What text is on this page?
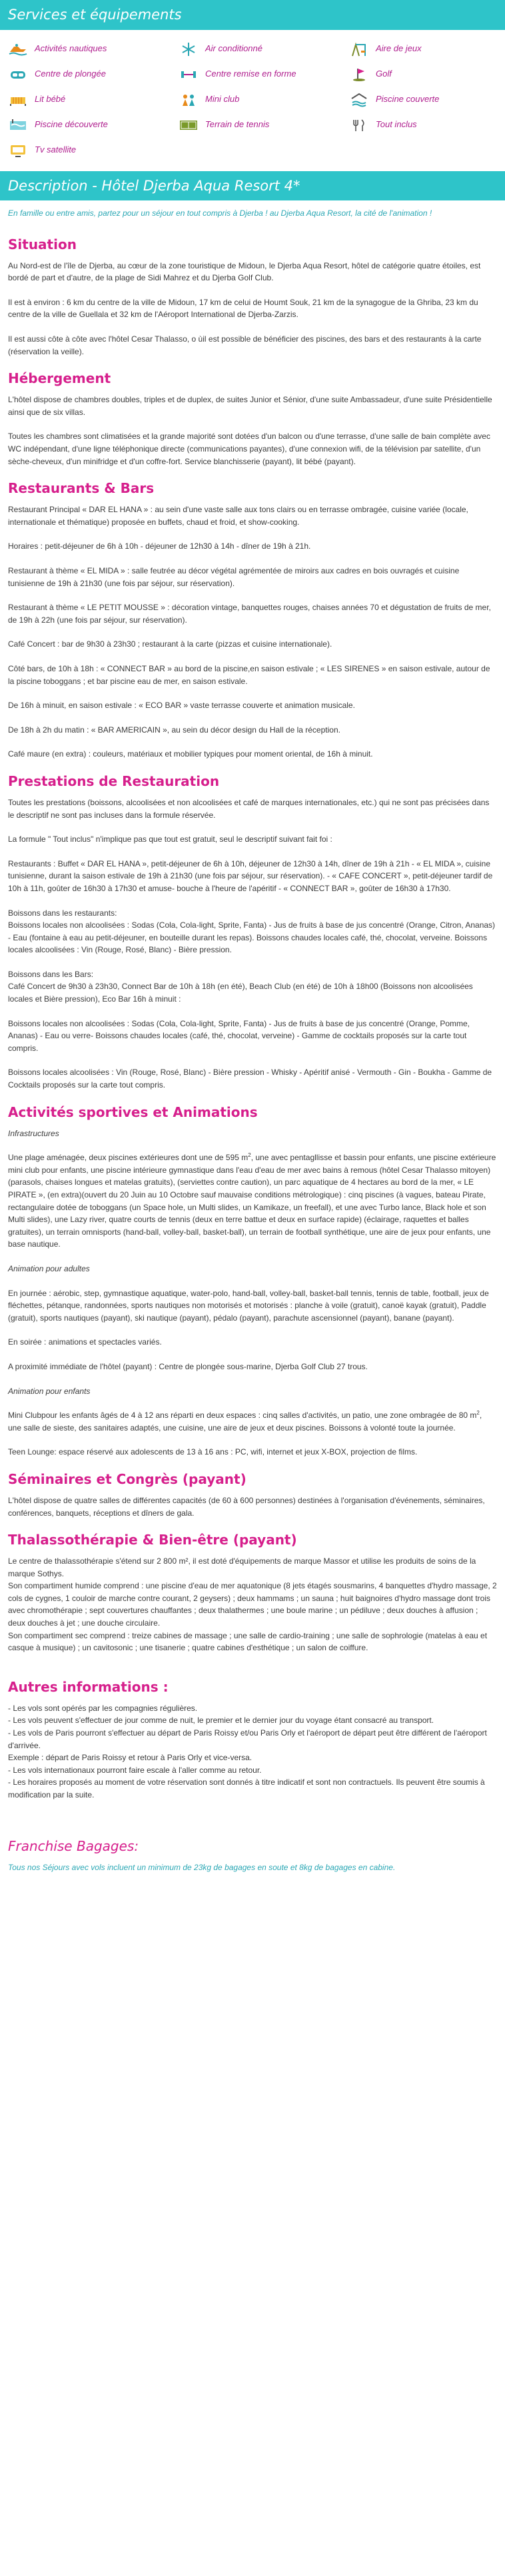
Services et équipements
Activités nautiques	Air conditionné	Aire de jeux
Centre de plongée	Centre remise en forme	Golf
Lit bébé	Mini club	Piscine couverte
Piscine découverte	Terrain de tennis	Tout inclus
Tv satellite
Description - Hôtel Djerba Aqua Resort 4*

En famille ou entre amis, partez pour un séjour en tout compris à Djerba ! au Djerba Aqua Resort, la cité de l'animation !

Situation

Au Nord-est de l'île de Djerba, au cœur de la zone touristique de Midoun, le Djerba Aqua Resort, hôtel de catégorie quatre étoiles, est bordé de part et d'autre, de la plage de Sidi Mahrez et du Djerba Golf Club.

Il est à environ : 6 km du centre de la ville de Midoun, 17 km de celui de Houmt Souk, 21 km de la synagogue de la Ghriba, 23 km du centre de la ville de Guellala et 32 km de l'Aéroport International de Djerba-Zarzis.

Il est aussi côte à côte avec l'hôtel Cesar Thalasso, o ùil est possible de bénéficier des piscines, des bars et des restaurants à la carte (réservation la veille).

Hébergement

L'hôtel dispose de chambres doubles, triples et de duplex, de suites Junior et Sénior, d'une suite Ambassadeur, d'une suite Présidentielle ainsi que de six villas.

Toutes les chambres sont climatisées et la grande majorité sont dotées d'un balcon ou d'une terrasse, d'une salle de bain complète avec WC indépendant, d'une ligne téléphonique directe (communications payantes), d'une connexion wifi, de la télévision par satellite, d'un sèche-cheveux, d'un minifridge et d'un coffre-fort. Service blanchisserie (payant), lit bébé (payant).

Restaurants & Bars

Restaurant Principal « DAR EL HANA » : au sein d'une vaste salle aux tons clairs ou en terrasse ombragée, cuisine variée (locale, internationale et thématique) proposée en buffets, chaud et froid, et show-cooking.

Horaires : petit-déjeuner de 6h à 10h - déjeuner de 12h30 à 14h - dîner de 19h à 21h.

Restaurant à thème « EL MIDA » : salle feutrée au décor végétal agrémentée de miroirs aux cadres en bois ouvragés et cuisine tunisienne de 19h à 21h30 (une fois par séjour, sur réservation).

Restaurant à thème « LE PETIT MOUSSE » : décoration vintage, banquettes rouges, chaises années 70 et dégustation de fruits de mer, de 19h à 22h (une fois par séjour, sur réservation).

Café Concert : bar de 9h30 à 23h30 ; restaurant à la carte (pizzas et cuisine internationale).

Côté bars, de 10h à 18h : « CONNECT BAR » au bord de la piscine,en saison estivale ; « LES SIRENES » en saison estivale, autour de la piscine toboggans ; et bar piscine eau de mer, en saison estivale.

De 16h à minuit, en saison estivale : « ECO BAR » vaste terrasse couverte et animation musicale.

De 18h à 2h du matin : « BAR AMERICAIN », au sein du décor design du Hall de la réception.

Café maure (en extra) : couleurs, matériaux et mobilier typiques pour moment oriental, de 16h à minuit.

Prestations de Restauration

Toutes les prestations (boissons, alcoolisées et non alcoolisées et café de marques internationales, etc.) qui ne sont pas précisées dans le descriptif ne sont pas incluses dans la formule réservée.

La formule " Tout inclus" n'implique pas que tout est gratuit, seul le descriptif suivant fait foi :

Restaurants : Buffet « DAR EL HANA », petit-déjeuner de 6h à 10h, déjeuner de 12h30 à 14h, dîner de 19h à 21h - « EL MIDA », cuisine tunisienne, durant la saison estivale de 19h à 21h30 (une fois par séjour, sur réservation). - « CAFE CONCERT », petit-déjeuner tardif de 10h à 11h, goûter de 16h30 à 17h30 et amuse- bouche à l'heure de l'apéritif - « CONNECT BAR », goûter de 16h30 à 17h30.

Boissons dans les restaurants:

Boissons locales non alcoolisées : Sodas (Cola, Cola-light, Sprite, Fanta) - Jus de fruits à base de jus concentré (Orange, Citron, Ananas) - Eau (fontaine à eau au petit-déjeuner, en bouteille durant les repas). Boissons chaudes locales café, thé, chocolat, verveine. Boissons locales alcoolisées : Vin (Rouge, Rosé, Blanc) - Bière pression.

Boissons dans les Bars:

Café Concert de 9h30 à 23h30, Connect Bar de 10h à 18h (en été), Beach Club (en été) de 10h à 18h00 (Boissons non alcoolisées locales et Bière pression), Eco Bar 16h à minuit :

Boissons locales non alcoolisées : Sodas (Cola, Cola-light, Sprite, Fanta) - Jus de fruits à base de jus concentré (Orange, Pomme, Ananas) - Eau ou verre- Boissons chaudes locales (café, thé, chocolat, verveine) - Gamme de cocktails proposés sur la carte tout compris.

Boissons locales alcoolisées : Vin (Rouge, Rosé, Blanc) - Bière pression - Whisky - Apéritif anisé - Vermouth - Gin - Boukha - Gamme de Cocktails proposés sur la carte tout compris.

Activités sportives et Animations

Infrastructures

Une plage aménagée, deux piscines extérieures dont une de 595 $m^2$, une avec pentagllisse et bassin pour enfants, une piscine extérieure mini club pour enfants, une piscine intérieure gymnastique dans l'eau d'eau de mer avec bains à remous (hôtel Cesar Thalasso mitoyen) (parasols, chaises longues et matelas gratuits), (serviettes contre caution), un parc aquatique de 4 hectares au bord de la mer, « LE PIRATE », (en extra)(ouvert du 20 Juin au 10 Octobre sauf mauvaise conditions métrologique) : cinq piscines (à vagues, bateau Pirate, rectangulaire dotée de toboggans (un Space hole, un Multi slides, un Kamikaze, un freefall), et une avec Turbo lance, Black hole et son Multi slides), une Lazy river, quatre courts de tennis (deux en terre battue et deux en surface rapide) (éclairage, raquettes et balles gratuites), un terrain omnisports (hand-ball, volley-ball, basket-ball), un terrain de football synthétique, une aire de jeux pour enfants, une base nautique.

Animation pour adultes

En journée : aérobic, step, gymnastique aquatique, water-polo, hand-ball, volley-ball, basket-ball tennis, tennis de table, football, jeux de fléchettes, pétanque, randonnées, sports nautiques non motorisés et motorisés : planche à voile (gratuit), canoë kayak (gratuit), Paddle (gratuit), sports nautiques (payant), ski nautique (payant), pédalo (payant), parachute ascensionnel (payant), banane (payant).

En soirée : animations et spectacles variés.

A proximité immédiate de l'hôtel (payant) : Centre de plongée sous-marine, Djerba Golf Club 27 trous.

Animation pour enfants

Mini Clubpour les enfants âgés de 4 à 12 ans réparti en deux espaces : cinq salles d'activités, un patio, une zone ombragée de 80 $m^2$, une salle de sieste, des sanitaires adaptés, une cuisine, une aire de jeux et deux piscines. Boissons à volonté toute la journée.

Teen Lounge: espace réservé aux adolescents de 13 à 16 ans : PC, wifi, internet et jeux X-BOX, projection de films.

Séminaires et Congrès (payant)

L'hôtel dispose de quatre salles de différentes capacités (de 60 à 600 personnes) destinées à l'organisation d'événements, séminaires, conférences, banquets, réceptions et dîners de gala.

Thalassothérapie & Bien-être (payant)

Le centre de thalassothérapie s'étend sur 2 800 m², il est doté d'équipements de marque Massor et utilise les produits de soins de la marque Sothys.

Son compartiment humide comprend : une piscine d'eau de mer aquatonique (8 jets étagés sousmarins, 4 banquettes d'hydro massage, 2 cols de cygnes, 1 couloir de marche contre courant, 2 geysers) ; deux hammams ; un sauna ; huit baignoires d'hydro massage dont trois avec chromothérapie ; sept couvertures chauffantes ; deux thalathermes ; une boule marine ; un pédiluve ; deux douches à affusion ; deux douches à jet ; une douche circulaire.

Son compartiment sec comprend : treize cabines de massage ; une salle de cardio-training ; une salle de sophrologie (matelas à eau et casque à musique) ; un cavitosonic ; une tisanerie ; quatre cabines d'esthétique ; un salon de coiffure.

Autres informations :

- Les vols sont opérés par les compagnies régulières.

- Les vols peuvent s'effectuer de jour comme de nuit, le premier et le dernier jour du voyage étant consacré au transport.

- Les vols de Paris pourront s'effectuer au départ de Paris Roissy et/ou Paris Orly et l'aéroport de départ peut être différent de l'aéroport d'arrivée.

Exemple : départ de Paris Roissy et retour à Paris Orly et vice-versa.

- Les vols internationaux pourront faire escale à l'aller comme au retour.

- Les horaires proposés au moment de votre réservation sont donnés à titre indicatif et sont non contractuels. Ils peuvent être soumis à modification par la suite.

Franchise Bagages:

Tous nos Séjours avec vols incluent un minimum de 23kg de bagages en soute et 8kg de bagages en cabine.
